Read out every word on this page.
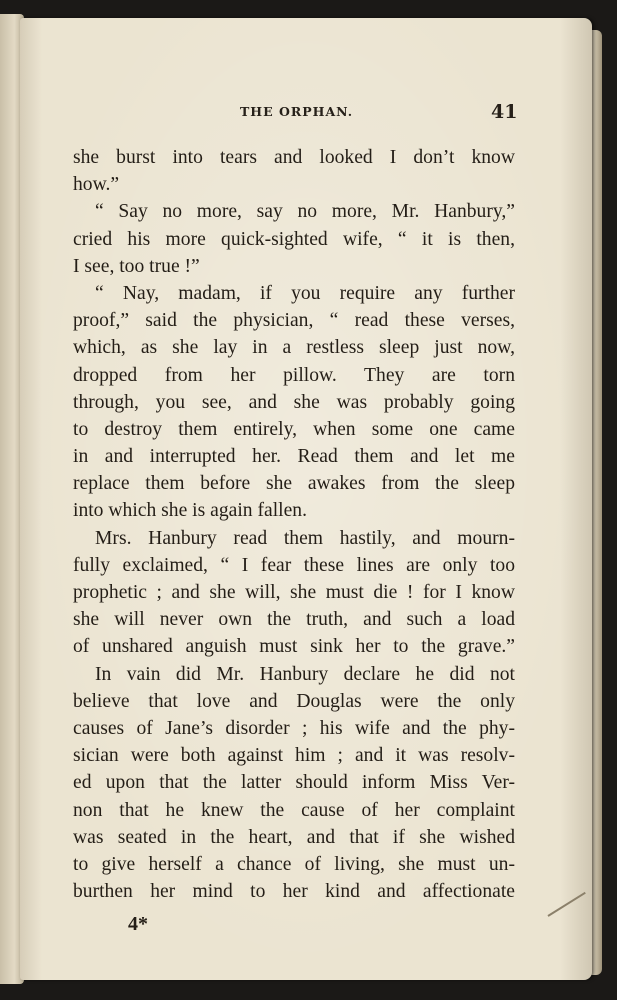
THE ORPHAN.	41
she burst into tears and looked I don’t know
how.”
“ Say no more, say no more, Mr. Hanbury,”
cried his more quick-sighted wife, “ it is then,
I see, too true !”
“ Nay, madam, if you require any further
proof,” said the physician, “ read these verses,
which, as she lay in a restless sleep just now,
dropped from her pillow. They are torn
through, you see, and she was probably going
to destroy them entirely, when some one came
in and interrupted her. Read them and let me
replace them before she awakes from the sleep
into which she is again fallen.
Mrs. Hanbury read them hastily, and mourn-
fully exclaimed, “ I fear these lines are only too
prophetic ; and she will, she must die ! for I know
she will never own the truth, and such a load
of unshared anguish must sink her to the grave.”
In vain did Mr. Hanbury declare he did not
believe that love and Douglas were the only
causes of Jane’s disorder ; his wife and the phy-
sician were both against him ; and it was resolv-
ed upon that the latter should inform Miss Ver-
non that he knew the cause of her complaint
was seated in the heart, and that if she wished
to give herself a chance of living, she must un-
burthen her mind to her kind and affectionate
4*
